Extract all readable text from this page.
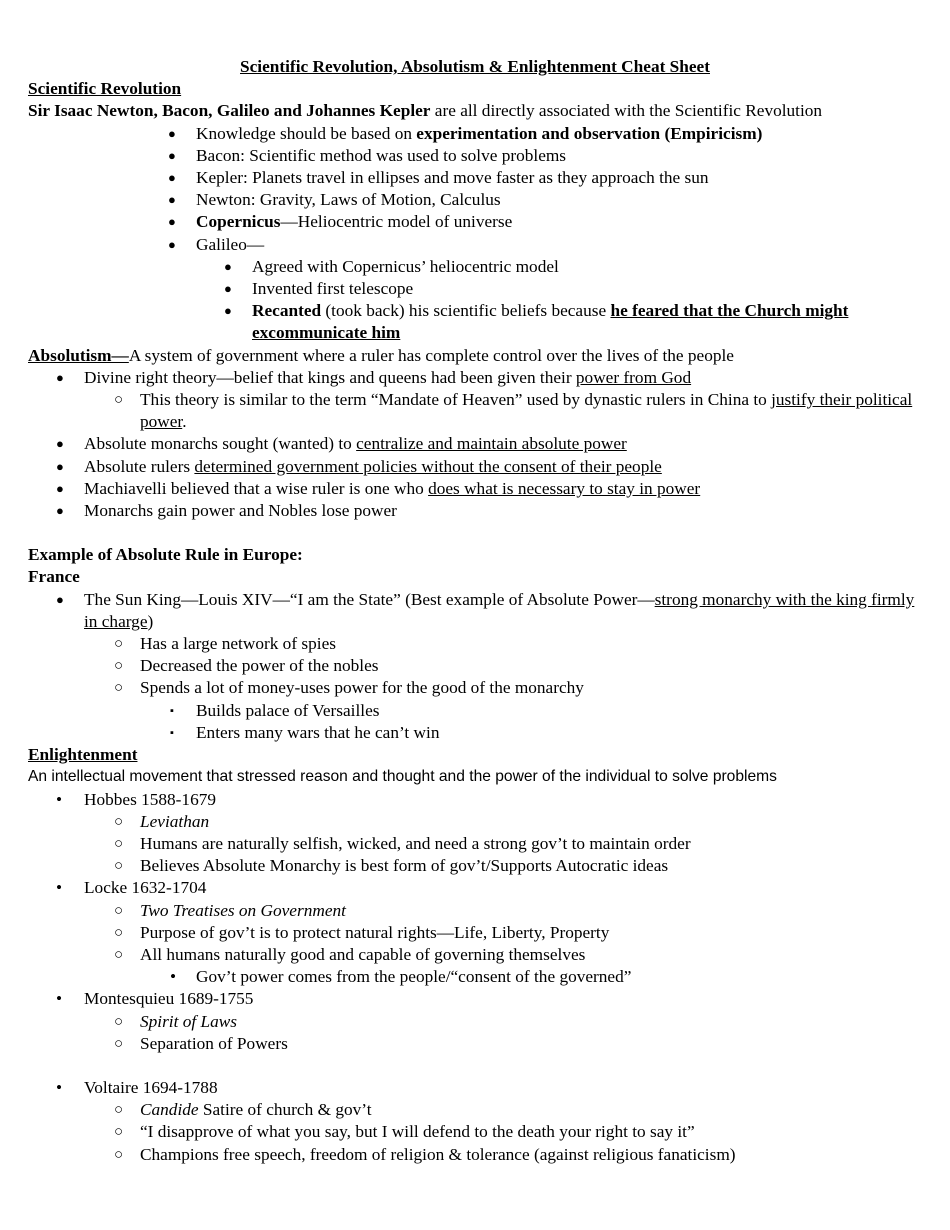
Scientific Revolution, Absolutism & Enlightenment Cheat Sheet
Scientific Revolution
Sir Isaac Newton, Bacon, Galileo and Johannes Kepler are all directly associated with the Scientific Revolution
● Knowledge should be based on experimentation and observation (Empiricism)
● Bacon: Scientific method was used to solve problems
● Kepler: Planets travel in ellipses and move faster as they approach the sun
● Newton: Gravity, Laws of Motion, Calculus
● Copernicus—Heliocentric model of universe
● Galileo—
● Agreed with Copernicus’ heliocentric model
● Invented first telescope
● Recanted (took back) his scientific beliefs because he feared that the Church might excommunicate him
Absolutism—A system of government where a ruler has complete control over the lives of the people
● Divine right theory—belief that kings and queens had been given their power from God
○ This theory is similar to the term “Mandate of Heaven” used by dynastic rulers in China to justify their political power.
● Absolute monarchs sought (wanted) to centralize and maintain absolute power
● Absolute rulers determined government policies without the consent of their people
● Machiavelli believed that a wise ruler is one who does what is necessary to stay in power
● Monarchs gain power and Nobles lose power
Example of Absolute Rule in Europe:
France
● The Sun King—Louis XIV—“I am the State” (Best example of Absolute Power—strong monarchy with the king firmly in charge)
○ Has a large network of spies
○ Decreased the power of the nobles
○ Spends a lot of money-uses power for the good of the monarchy
▪ Builds palace of Versailles
▪ Enters many wars that he can’t win
Enlightenment
An intellectual movement that stressed reason and thought and the power of the individual to solve problems
• Hobbes 1588-1679
○ Leviathan
○ Humans are naturally selfish, wicked, and need a strong gov’t to maintain order
○ Believes Absolute Monarchy is best form of gov’t/Supports Autocratic ideas
• Locke 1632-1704
○ Two Treatises on Government
○ Purpose of gov’t is to protect natural rights—Life, Liberty, Property
○ All humans naturally good and capable of governing themselves
• Gov’t power comes from the people/“consent of the governed”
• Montesquieu 1689-1755
○ Spirit of Laws
○ Separation of Powers
• Voltaire 1694-1788
○ Candide Satire of church & gov’t
○ “I disapprove of what you say, but I will defend to the death your right to say it”
○ Champions free speech, freedom of religion & tolerance (against religious fanaticism)
